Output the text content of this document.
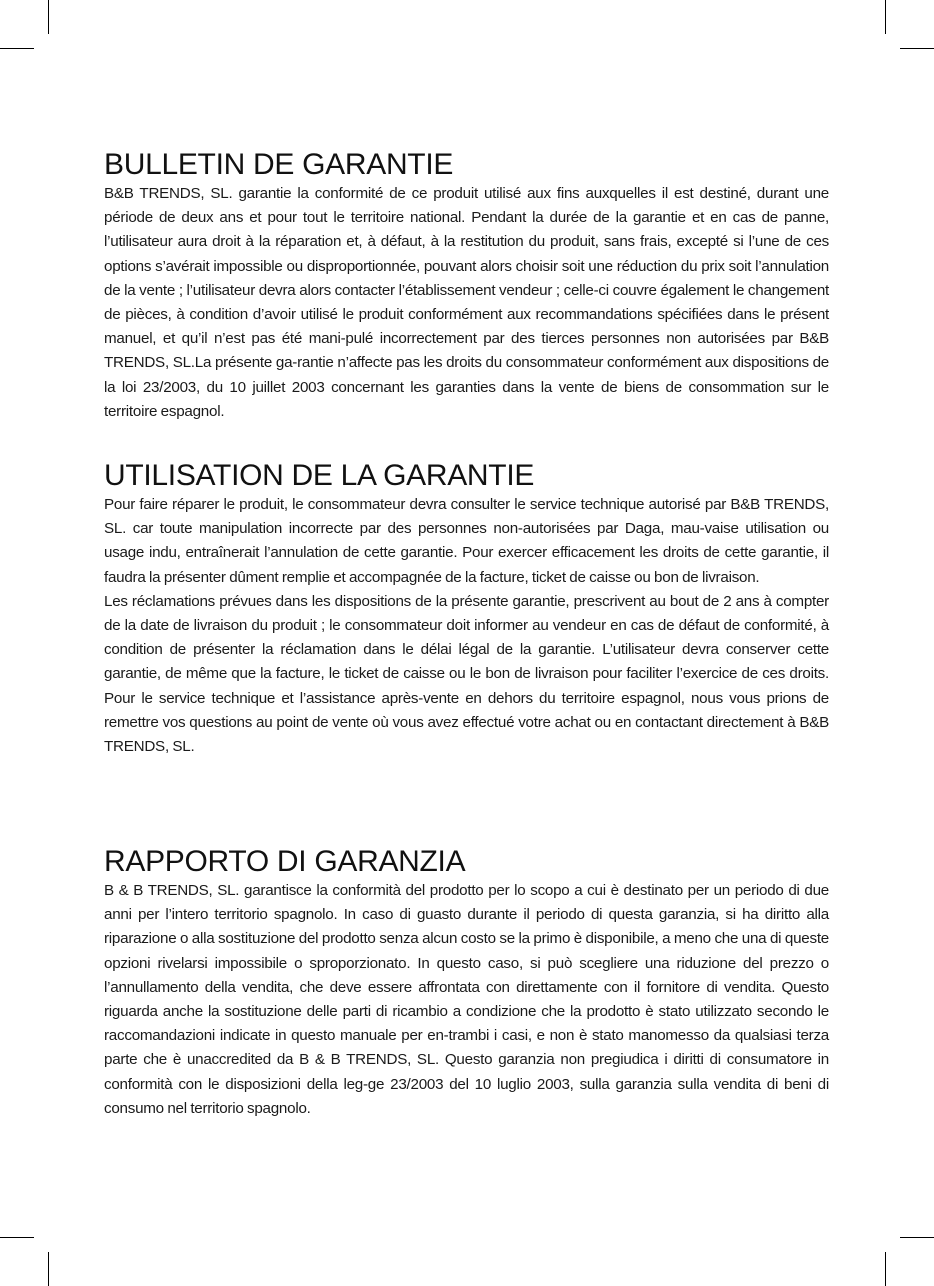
BULLETIN DE GARANTIE

B&B TRENDS, SL. garantie la conformité de ce produit utilisé aux fins auxquelles il est destiné, durant une période de deux ans et pour tout le territoire national. Pendant la durée de la garantie et en cas de panne, l’utilisateur aura droit à la réparation et, à défaut, à la restitution du produit, sans frais, excepté si l’une de ces options s’avérait impossible ou disproportionnée, pouvant alors choisir soit une réduction du prix soit l’annulation de la vente ; l’utilisateur devra alors contacter l’établissement vendeur ; celle-ci couvre également le changement de pièces, à condition d’avoir utilisé le produit conformément aux recommandations spécifiées dans le présent manuel, et qu’il n’est pas été mani-pulé incorrectement par des tierces personnes non autorisées par B&B TRENDS, SL.La présente ga-rantie n’affecte pas les droits du consommateur conformément aux dispositions de la loi 23/2003, du 10 juillet 2003 concernant les garanties dans la vente de biens de consommation sur le territoire espagnol.

UTILISATION DE LA GARANTIE

Pour faire réparer le produit, le consommateur devra consulter le service technique autorisé par B&B TRENDS, SL. car toute manipulation incorrecte par des personnes non-autorisées par Daga, mau-vaise utilisation ou usage indu, entraînerait l’annulation de cette garantie. Pour exercer efficacement les droits de cette garantie, il faudra la présenter dûment remplie et accompagnée de la facture, ticket de caisse ou bon de livraison.

Les réclamations prévues dans les dispositions de la présente garantie, prescrivent au bout de 2 ans à compter de la date de livraison du produit ; le consommateur doit informer au vendeur en cas de défaut de conformité, à condition de présenter la réclamation dans le délai légal de la garantie. L’utilisateur devra conserver cette garantie, de même que la facture, le ticket de caisse ou le bon de livraison pour faciliter l’exercice de ces droits. Pour le service technique et l’assistance après-vente en dehors du territoire espagnol, nous vous prions de remettre vos questions au point de vente où vous avez effectué votre achat ou en contactant directement à B&B TRENDS, SL.

RAPPORTO DI GARANZIA

B & B TRENDS, SL. garantisce la conformità del prodotto per lo scopo a cui è destinato per un periodo di due anni per l’intero territorio spagnolo. In caso di guasto durante il periodo di questa garanzia, si ha diritto alla riparazione o alla sostituzione del prodotto senza alcun costo se la primo è disponibile, a meno che una di queste opzioni rivelarsi impossibile o sproporzionato. In questo caso, si può scegliere una riduzione del prezzo o l’annullamento della vendita, che deve essere affrontata con direttamente con il fornitore di vendita. Questo riguarda anche la sostituzione delle parti di ricambio a condizione che la prodotto è stato utilizzato secondo le raccomandazioni indicate in questo manuale per en-trambi i casi, e non è stato manomesso da qualsiasi terza parte che è unaccredited da B & B TRENDS, SL. Questo garanzia non pregiudica i diritti di consumatore in conformità con le disposizioni della leg-ge 23/2003 del 10 luglio 2003, sulla garanzia sulla vendita di beni di consumo nel territorio spagnolo.
